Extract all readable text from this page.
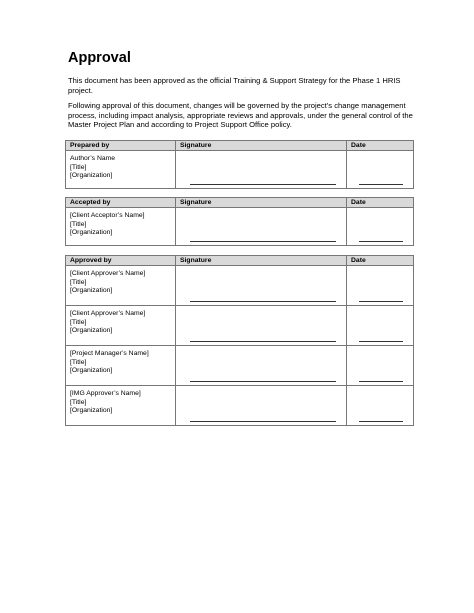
Approval

This document has been approved as the official Training & Support Strategy for the Phase 1 HRIS project.

Following approval of this document, changes will be governed by the project’s change management process, including impact analysis, appropriate reviews and approvals, under the general control of the Master Project Plan and according to Project Support Office policy.

Prepared by	Signature	Date

Author’s Name
[Title]
[Organization]		

Accepted by	Signature	Date

[Client Acceptor’s Name]
[Title]
[Organization]		

Approved by	Signature	Date

[Client Approver’s Name]
[Title]
[Organization]		

[Client Approver’s Name]
[Title]
[Organization]		

[Project Manager’s Name]
[Title]
[Organization]		

[IMG Approver’s Name]
[Title]
[Organization]		
